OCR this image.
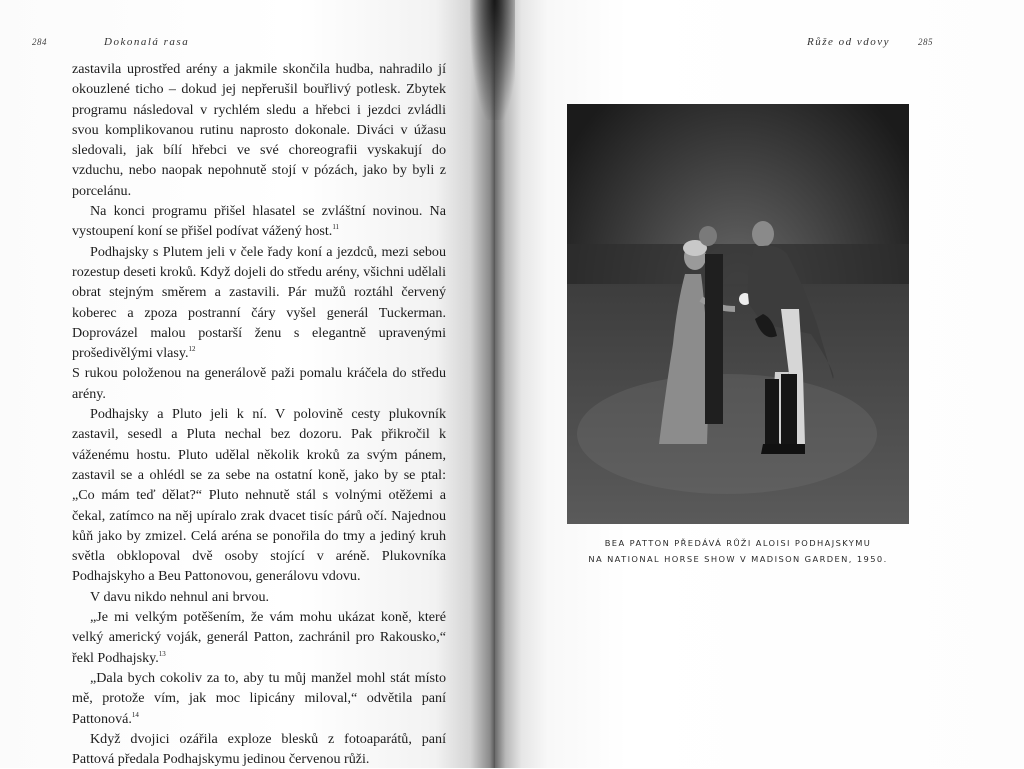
284	Dokonalá rasa

zastavila uprostřed arény a jakmile skončila hudba, nahradilo jí okouzlené ticho – dokud jej nepřerušil bouřlivý potlesk. Zbytek programu následoval v rychlém sledu a hřebci i jezdci zvládli svou komplikovanou rutinu naprosto dokonale. Diváci v úžasu sledovali, jak bílí hřebci ve své choreografii vyskakují do vzduchu, nebo naopak nepohnutě stojí v pózách, jako by byli z porcelánu.

Na konci programu přišel hlasatel se zvláštní novinou. Na vystoupení koní se přišel podívat vážený host.$^{11}$

Podhajsky s Plutem jeli v čele řady koní a jezdců, mezi sebou rozestup deseti kroků. Když dojeli do středu arény, všichni udělali obrat stejným směrem a zastavili. Pár mužů roztáhl červený koberec a zpoza postranní čáry vyšel generál Tuckerman. Doprovázel malou postarší ženu s elegantně upravenými prošedivělými vlasy.$^{12}$

S rukou položenou na generálově paži pomalu kráčela do středu arény.

Podhajsky a Pluto jeli k ní. V polovině cesty plukovník zastavil, sesedl a Pluta nechal bez dozoru. Pak přikročil k váženému hostu. Pluto udělal několik kroků za svým pánem, zastavil se a ohlédl se za sebe na ostatní koně, jako by se ptal: „Co mám teď dělat?“ Pluto nehnutě stál s volnými otěžemi a čekal, zatímco na něj upíralo zrak dvacet tisíc párů očí. Najednou kůň jako by zmizel. Celá aréna se ponořila do tmy a jediný kruh světla obklopoval dvě osoby stojící v aréně. Plukovníka Podhajskyho a Beu Pattonovou, generálovu vdovu.

V davu nikdo nehnul ani brvou.

„Je mi velkým potěšením, že vám mohu ukázat koně, které velký americký voják, generál Patton, zachránil pro Rakousko,“ řekl Podhajsky.$^{13}$

„Dala bych cokoliv za to, aby tu můj manžel mohl stát místo mě, protože vím, jak moc lipicány miloval,“ odvětila paní Pattonová.$^{14}$

Když dvojici ozářila exploze blesků z fotoaparátů, paní Pattová předala Podhajskymu jedinou červenou růži.

Růže od vdovy	285
BEA PATTON PŘEDÁVÁ RŮŽI ALOISI PODHAJSKYMU
NA NATIONAL HORSE SHOW V MADISON GARDEN, 1950.
